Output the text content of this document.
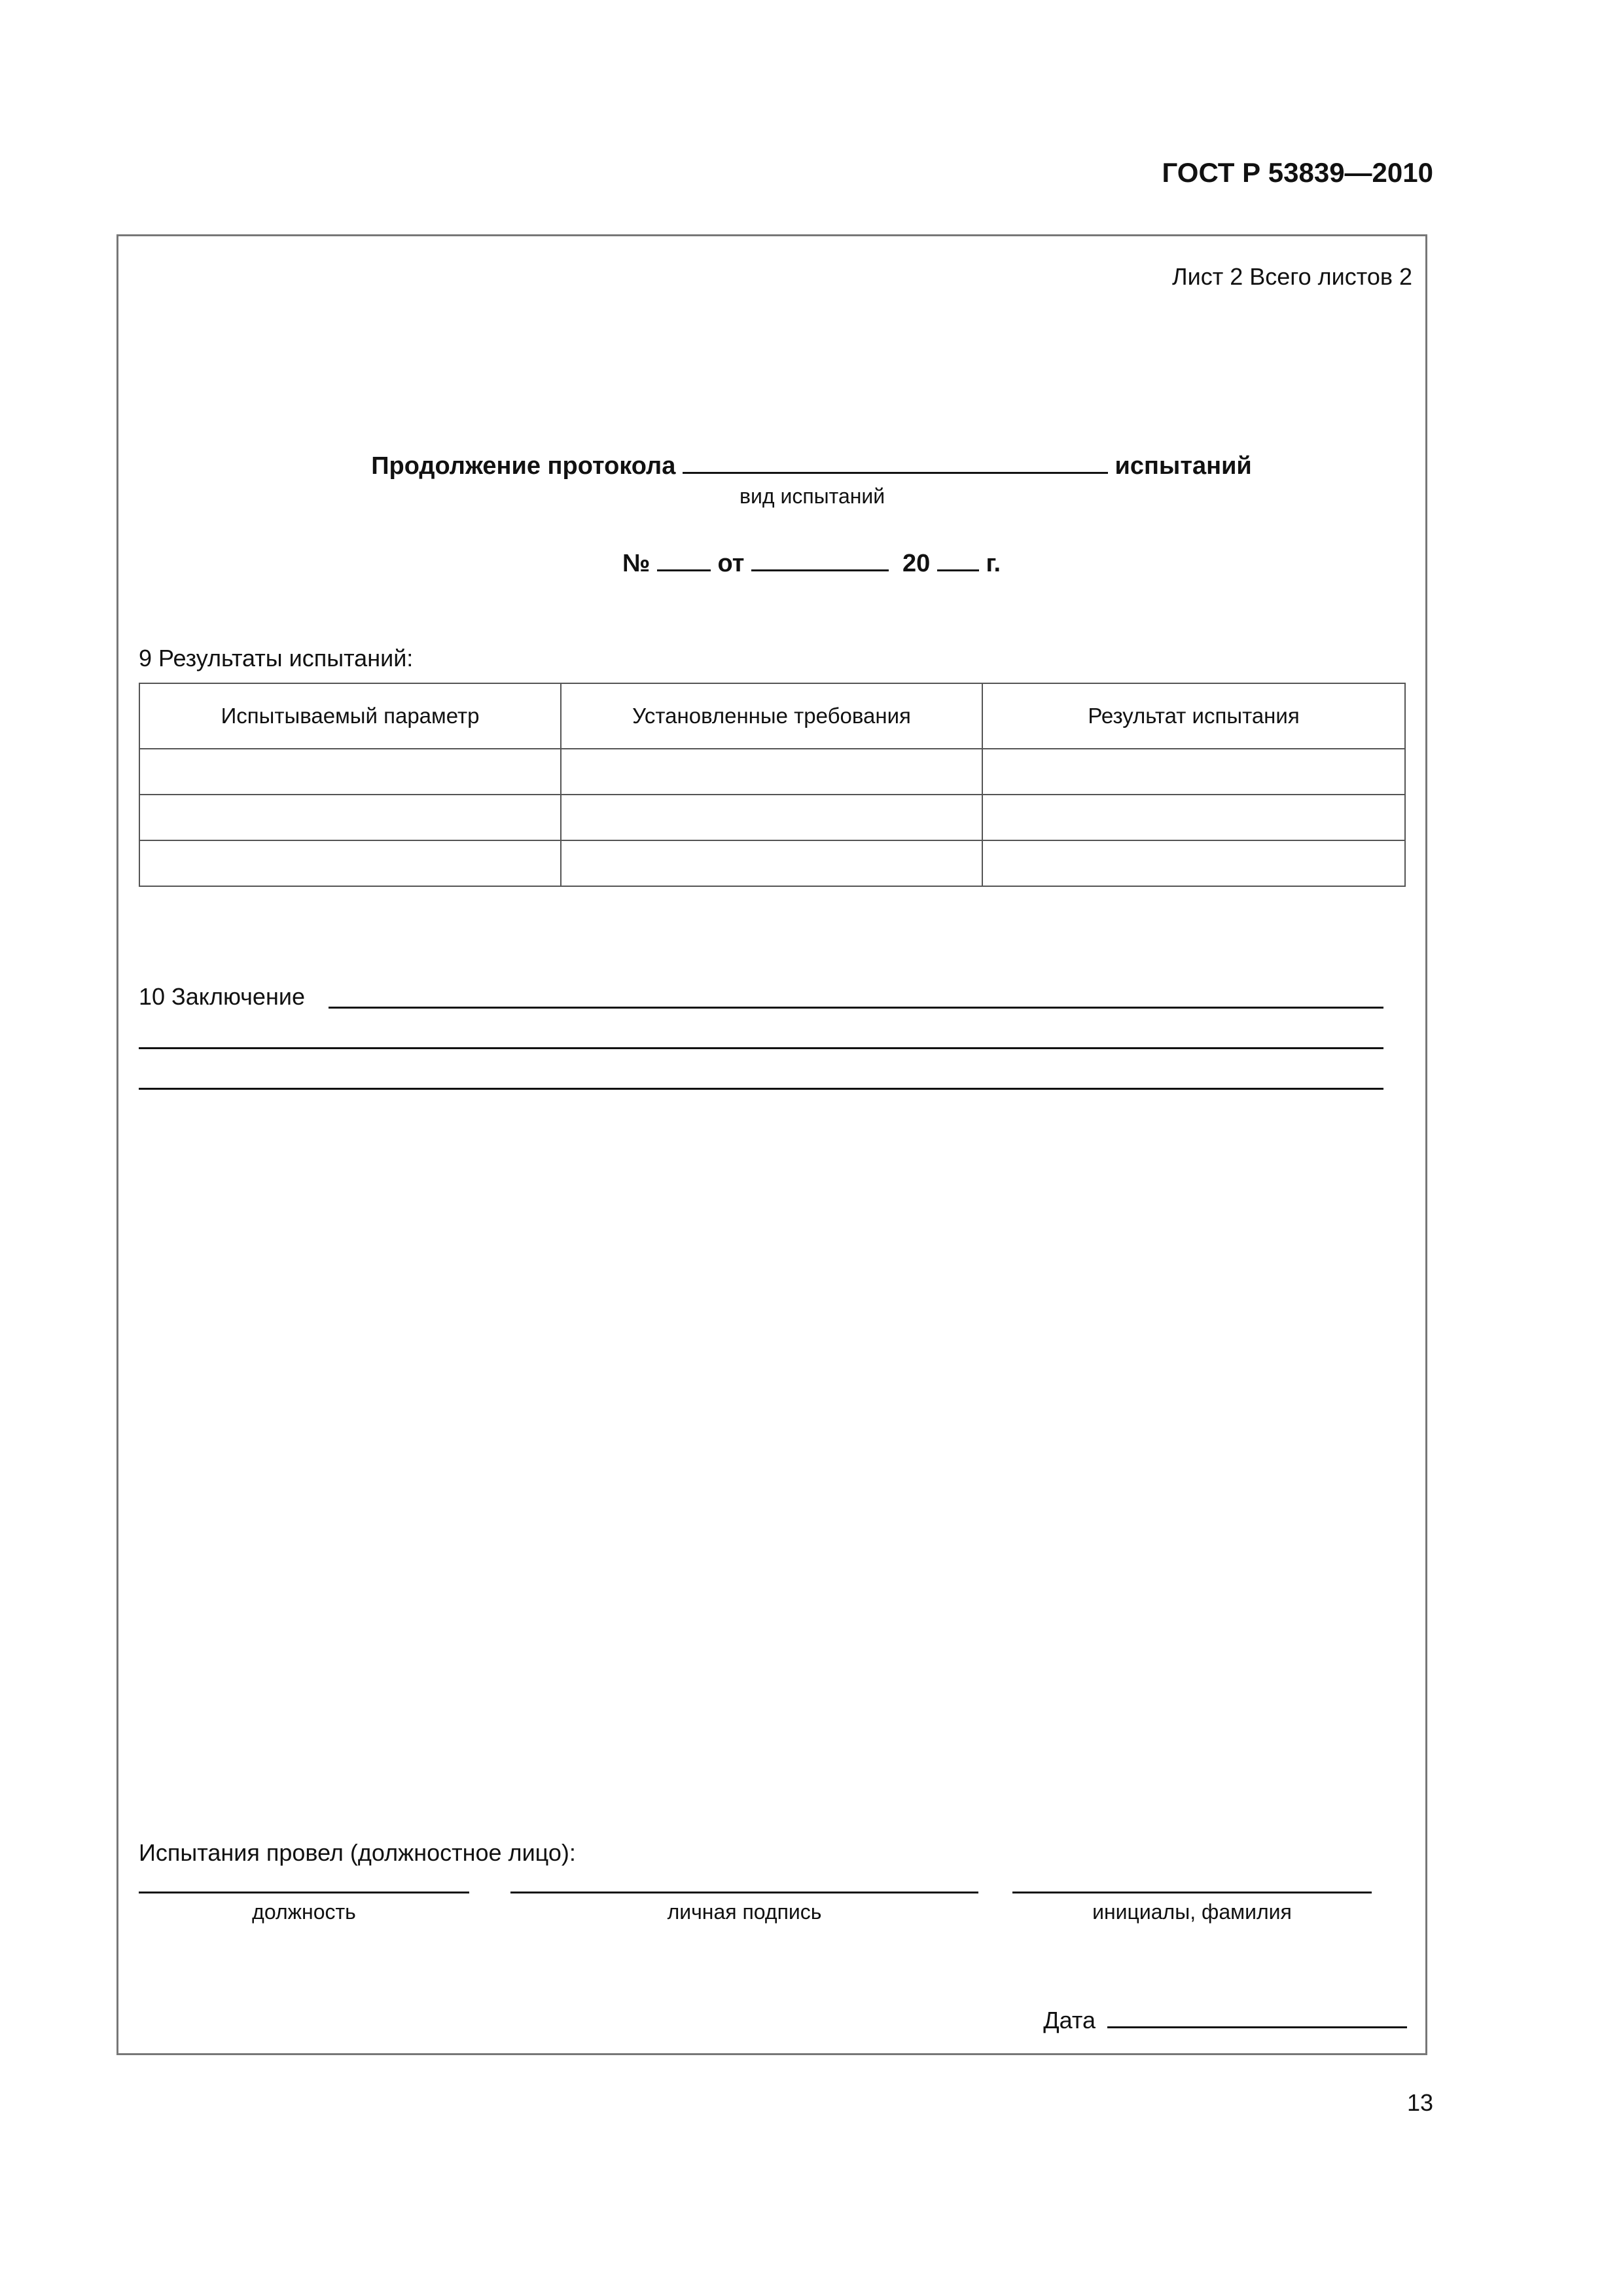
ГОСТ Р 53839—2010
Лист 2 Всего листов 2
Продолжение протокола	испытаний
вид испытаний
№	от	20 г.
9 Результаты испытаний:
Испытываемый параметр	Установленные требования	Результат испытания

10 Заключение
Испытания провел (должностное лицо):
должность	личная подпись	инициалы, фамилия
Дата
13
